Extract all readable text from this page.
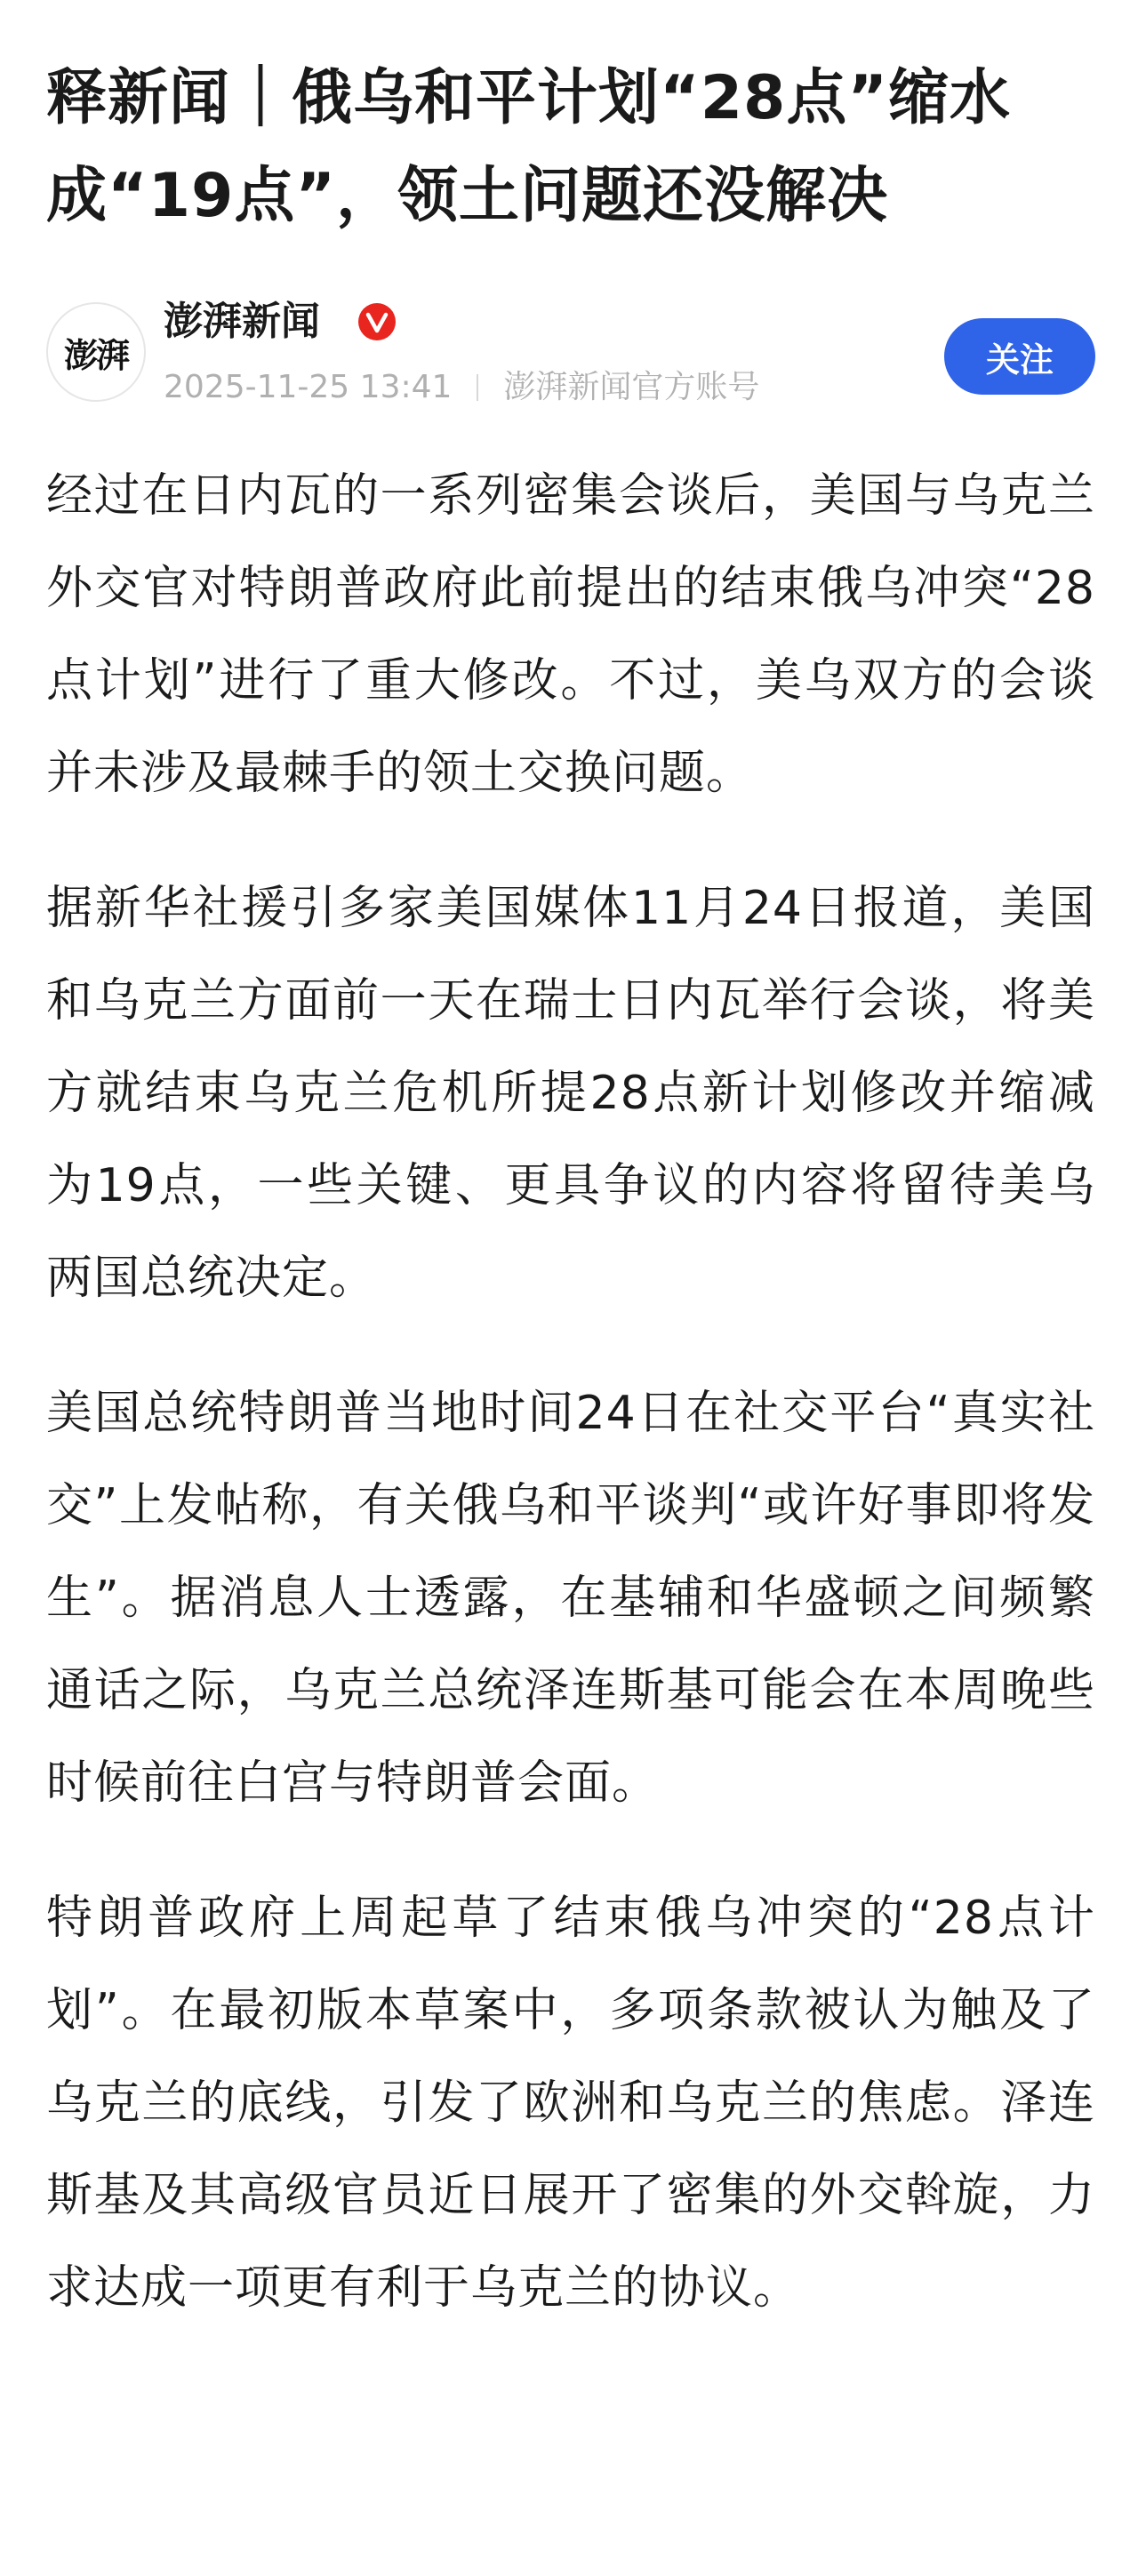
释新闻｜俄乌和平计划“28点”缩水成“19点”，领土问题还没解决
澎湃
澎湃新闻
2025-11-25 13:41 澎湃新闻官方账号
关注

经过在日内瓦的一系列密集会谈后，美国与乌克兰外交官对特朗普政府此前提出的结束俄乌冲突“28点计划”进行了重大修改。不过，美乌双方的会谈并未涉及最棘手的领土交换问题。

据新华社援引多家美国媒体11月24日报道，美国和乌克兰方面前一天在瑞士日内瓦举行会谈，将美方就结束乌克兰危机所提28点新计划修改并缩减为19点，一些关键、更具争议的内容将留待美乌两国总统决定。

美国总统特朗普当地时间24日在社交平台“真实社交”上发帖称，有关俄乌和平谈判“或许好事即将发生”。据消息人士透露，在基辅和华盛顿之间频繁通话之际，乌克兰总统泽连斯基可能会在本周晚些时候前往白宫与特朗普会面。

特朗普政府上周起草了结束俄乌冲突的“28点计划”。在最初版本草案中，多项条款被认为触及了乌克兰的底线，引发了欧洲和乌克兰的焦虑。泽连斯基及其高级官员近日展开了密集的外交斡旋，力求达成一项更有利于乌克兰的协议。
